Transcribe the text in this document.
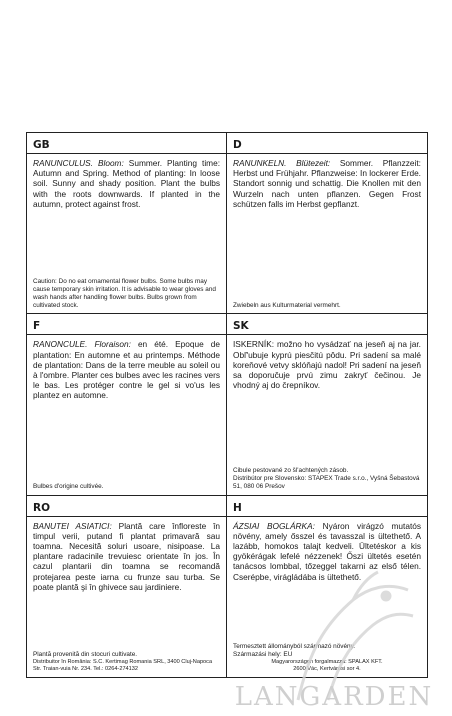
GB

RANUNCULUS. Bloom: Summer. Planting time: Autumn and Spring. Method of planting: In loose soil. Sunny and shady position. Plant the bulbs with the roots downwards. If planted in the autumn, protect against frost.

Caution: Do no eat ornamental flower bulbs. Some bulbs may cause temporary skin irritation. It is advisable to wear gloves and wash hands after handling flower bulbs. Bulbs grown from cultivated stock.
D

RANUNKELN. Blütezeit: Sommer. Pflanzzeit: Herbst und Frühjahr. Pflanzweise: In lockerer Erde. Standort sonnig und schattig. Die Knollen mit den Wurzeln nach unten pflanzen. Gegen Frost schützen falls im Herbst gepflanzt.

Zwiebeln aus Kulturmaterial vermehrt.
F

RANONCULE. Floraison: en été. Epoque de plantation: En automne et au printemps. Méthode de plantation: Dans de la terre meuble au soleil ou à l'ombre. Planter ces bulbes avec les racines vers le bas. Les protéger contre le gel si vo'us les plantez en automne.

Bulbes d'origine cultivée.
SK

ISKERNÍK: možno ho vysádzať na jeseň aj na jar. Obľ'ubuje kyprú piesčitú pôdu. Pri sadení sa malé koreňové vetvy sklóňajú nadol! Pri sadení na jeseň sa doporučuje prvú zimu zakryť čečinou. Je vhodný aj do črepníkov.

Cibule pestované zo šl'achtených zásob.
Distribútor pre Slovensko: STAPEX Trade s.r.o., Vyšná Šebastová 51, 080 06 Prešov
RO

BANUTEI ASIATICI: Plantă care înfloreste în timpul verii, putand fi plantat primavară sau toamna. Necesită soluri usoare, nisipoase. La plantare radacinile trevuiesc orientate în jos. În cazul plantarii din toamna se recomandă protejarea peste iarna cu frunze sau turba. Se poate plantă şi în ghivece sau jardiniere.

Plantă provenită din stocuri cultivate.
Distribuitor în România: S.C. Kertimag Romania SRL, 3400 Cluj-Napoca Str. Traian-vuia Nr. 234. Tel.: 0264-274132
H

ÁZSIAI BOGLÁRKA: Nyáron virágzó mutatós növény, amely ősszel és tavasszal is ültethető. A lazább, homokos talajt kedveli. Ültetéskor a kis gyökérágak lefelé nézzenek! Őszi ültetés esetén tanácsos lombbal, tőzeggel takarni az első télen. Cserépbe, virágládába is ültethető.

Termesztett állományból származó növény.
Származási hely: EU
Magyarországon forgalmazza: SPALAX KFT.
2600 Vác, Kertvárosi sor 4.
LANGARDEN
